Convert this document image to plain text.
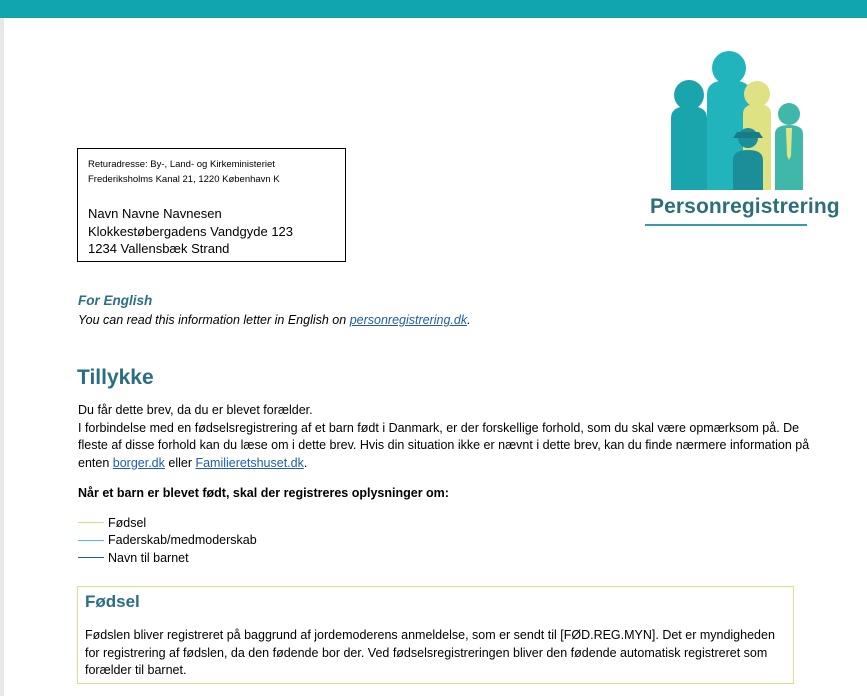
Personregistrering
Returadresse: By-, Land- og Kirkeministeriet
Frederiksholms Kanal 21, 1220 København K
Navn Navne Navnesen
Klokkestøbergadens Vandgyde 123
1234 Vallensbæk Strand
For English
You can read this information letter in English on personregistrering.dk.
Tillykke
Du får dette brev, da du er blevet forælder.
I forbindelse med en fødselsregistrering af et barn født i Danmark, er der forskellige forhold, som du skal være opmærksom på. De fleste af disse forhold kan du læse om i dette brev. Hvis din situation ikke er nævnt i dette brev, kan du finde nærmere information på enten borger.dk eller Familieretshuset.dk.
Når et barn er blevet født, skal der registreres oplysninger om:
Fødsel
Faderskab/medmoderskab
Navn til barnet
Fødsel
Fødslen bliver registreret på baggrund af jordemoderens anmeldelse, som er sendt til [FØD.REG.MYN]. Det er myndigheden for registrering af fødslen, da den fødende bor der. Ved fødselsregistreringen bliver den fødende automatisk registreret som forælder til barnet.
